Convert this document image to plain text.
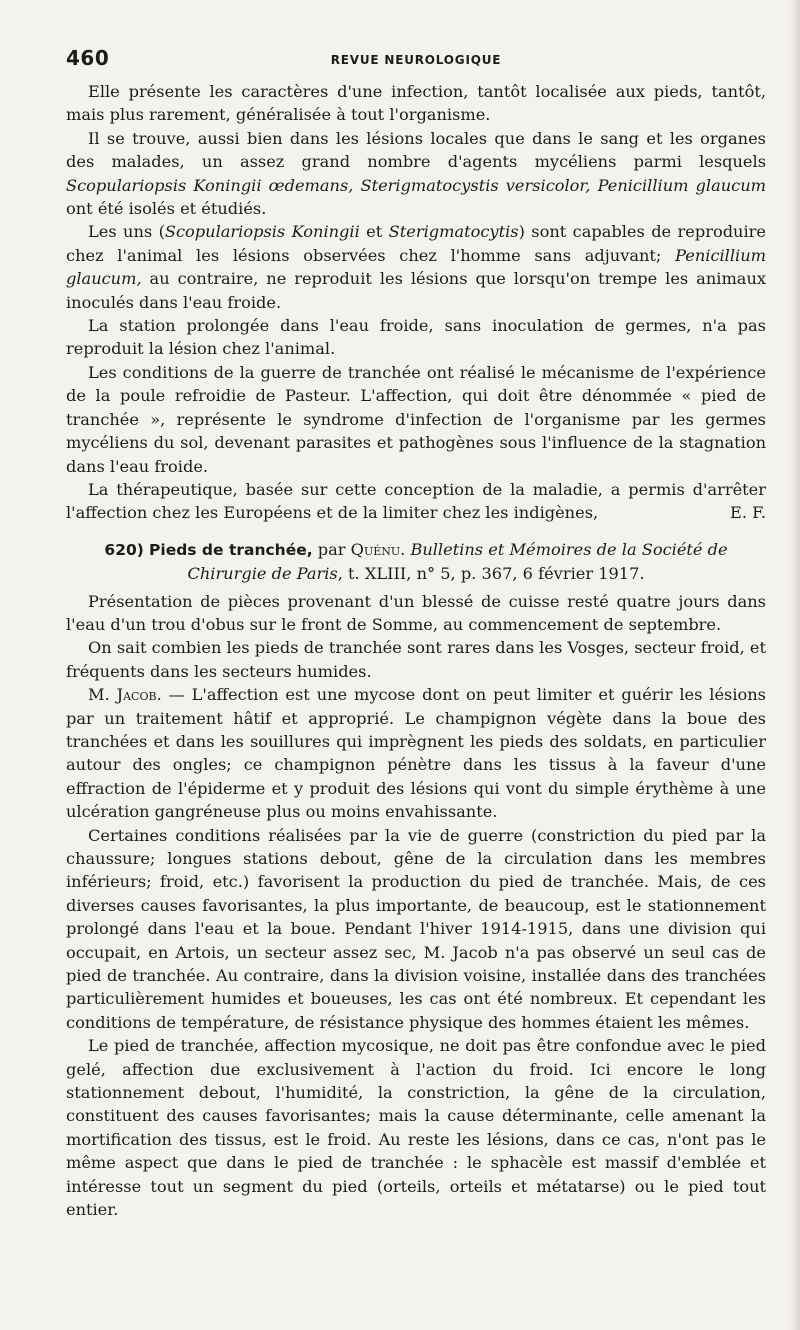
460	REVUE NEUROLOGIQUE

Elle présente les caractères d'une infection, tantôt localisée aux pieds, tantôt, mais plus rarement, généralisée à tout l'organisme.

Il se trouve, aussi bien dans les lésions locales que dans le sang et les organes des malades, un assez grand nombre d'agents mycéliens parmi lesquels Scopulariopsis Koningii œdemans, Sterigmatocystis versicolor, Penicillium glaucum ont été isolés et étudiés.

Les uns (Scopulariopsis Koningii et Sterigmatocytis) sont capables de reproduire chez l'animal les lésions observées chez l'homme sans adjuvant; Penicillium glaucum, au contraire, ne reproduit les lésions que lorsqu'on trempe les animaux inoculés dans l'eau froide.

La station prolongée dans l'eau froide, sans inoculation de germes, n'a pas reproduit la lésion chez l'animal.

Les conditions de la guerre de tranchée ont réalisé le mécanisme de l'expérience de la poule refroidie de Pasteur. L'affection, qui doit être dénommée « pied de tranchée », représente le syndrome d'infection de l'organisme par les germes mycéliens du sol, devenant parasites et pathogènes sous l'influence de la stagnation dans l'eau froide.

La thérapeutique, basée sur cette conception de la maladie, a permis d'arrêter l'affection chez les Européens et de la limiter chez les indigènes,	E. F.

620) Pieds de tranchée, par Quénu. Bulletins et Mémoires de la Société de Chirurgie de Paris, t. XLIII, n° 5, p. 367, 6 février 1917.

Présentation de pièces provenant d'un blessé de cuisse resté quatre jours dans l'eau d'un trou d'obus sur le front de Somme, au commencement de septembre.

On sait combien les pieds de tranchée sont rares dans les Vosges, secteur froid, et fréquents dans les secteurs humides.

M. Jacob. — L'affection est une mycose dont on peut limiter et guérir les lésions par un traitement hâtif et approprié. Le champignon végète dans la boue des tranchées et dans les souillures qui imprègnent les pieds des soldats, en particulier autour des ongles; ce champignon pénètre dans les tissus à la faveur d'une effraction de l'épiderme et y produit des lésions qui vont du simple érythème à une ulcération gangréneuse plus ou moins envahissante.

Certaines conditions réalisées par la vie de guerre (constriction du pied par la chaussure; longues stations debout, gêne de la circulation dans les membres inférieurs; froid, etc.) favorisent la production du pied de tranchée. Mais, de ces diverses causes favorisantes, la plus importante, de beaucoup, est le stationnement prolongé dans l'eau et la boue. Pendant l'hiver 1914-1915, dans une division qui occupait, en Artois, un secteur assez sec, M. Jacob n'a pas observé un seul cas de pied de tranchée. Au contraire, dans la division voisine, installée dans des tranchées particulièrement humides et boueuses, les cas ont été nombreux. Et cependant les conditions de température, de résistance physique des hommes étaient les mêmes.

Le pied de tranchée, affection mycosique, ne doit pas être confondue avec le pied gelé, affection due exclusivement à l'action du froid. Ici encore le long stationnement debout, l'humidité, la constriction, la gêne de la circulation, constituent des causes favorisantes; mais la cause déterminante, celle amenant la mortification des tissus, est le froid. Au reste les lésions, dans ce cas, n'ont pas le même aspect que dans le pied de tranchée : le sphacèle est massif d'emblée et intéresse tout un segment du pied (orteils, orteils et métatarse) ou le pied tout entier.
